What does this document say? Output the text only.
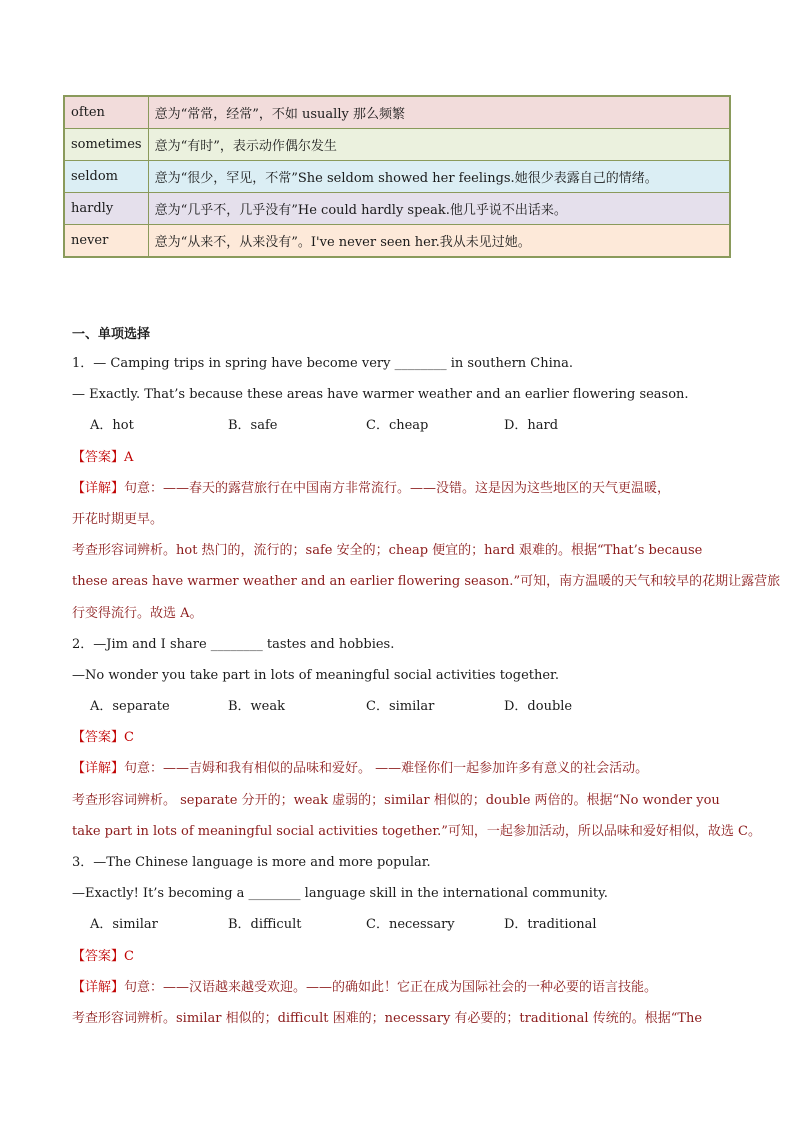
often	意为“常常，经常”，不如 usually 那么频繁
sometimes	意为“有时”，表示动作偶尔发生
seldom	意为“很少，罕见，不常”She seldom showed her feelings.她很少表露自己的情绪。
hardly	意为“几乎不，几乎没有”He could hardly speak.他几乎说不出话来。
never	意为“从来不，从来没有”。I've never seen her.我从未见过她。

一、单项选择

1．— Camping trips in spring have become very ________ in southern China.

— Exactly. That’s because these areas have warmer weather and an earlier flowering season.

A．hot	B．safe	C．cheap	D．hard

【答案】A

【详解】句意：——春天的露营旅行在中国南方非常流行。——没错。这是因为这些地区的天气更温暖，

开花时期更早。

考查形容词辨析。hot 热门的，流行的；safe 安全的；cheap 便宜的；hard 艰难的。根据“That’s because

these areas have warmer weather and an earlier flowering season.”可知，南方温暖的天气和较早的花期让露营旅

行变得流行。故选 A。

2．—Jim and I share ________ tastes and hobbies.

—No wonder you take part in lots of meaningful social activities together.

A．separate	B．weak	C．similar	D．double

【答案】C

【详解】句意：——吉姆和我有相似的品味和爱好。 ——难怪你们一起参加许多有意义的社会活动。

考查形容词辨析。 separate 分开的；weak 虚弱的；similar 相似的；double 两倍的。根据“No wonder you

take part in lots of meaningful social activities together.”可知，一起参加活动，所以品味和爱好相似，故选 C。

3．—The Chinese language is more and more popular.

—Exactly! It’s becoming a ________ language skill in the international community.

A．similar	B．difficult	C．necessary	D．traditional

【答案】C

【详解】句意：——汉语越来越受欢迎。——的确如此！它正在成为国际社会的一种必要的语言技能。

考查形容词辨析。similar 相似的；difficult 困难的；necessary 有必要的；traditional 传统的。根据“The
